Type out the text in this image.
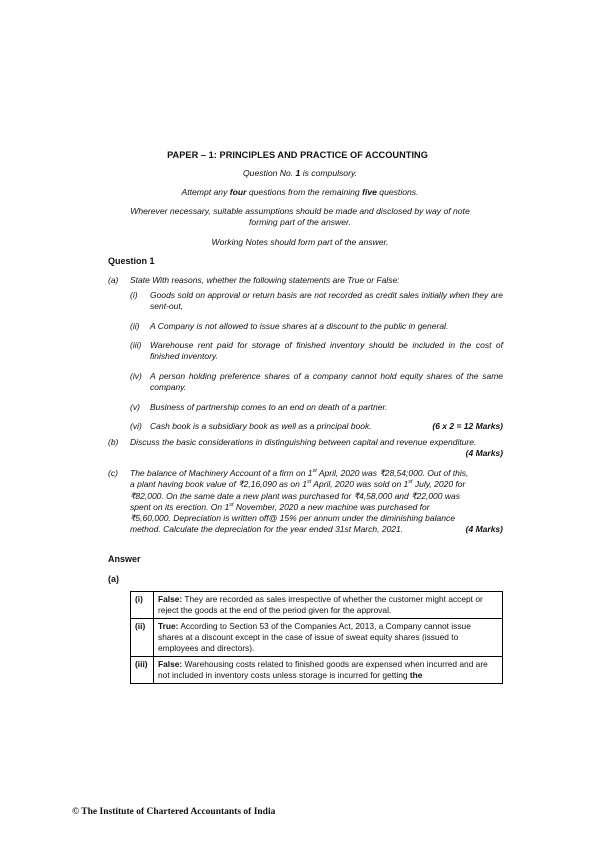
PAPER – 1: PRINCIPLES AND PRACTICE OF ACCOUNTING
Question No. 1 is compulsory.
Attempt any four questions from the remaining five questions.
Wherever necessary, suitable assumptions should be made and disclosed by way of note
forming part of the answer.
Working Notes should form part of the answer.
Question 1
(a) State With reasons, whether the following statements are True or False:
(i) Goods sold on approval or return basis are not recorded as credit sales initially when they are sent-out,
(ii) A Company is not allowed to issue shares at a discount to the public in general.
(iii) Warehouse rent paid for storage of finished inventory should be included in the cost of finished inventory.
(iv) A person holding preference shares of a company cannot hold equity shares of the same company.
(v) Business of partnership comes to an end on death of a partner.
(vi) Cash book is a subsidiary book as well as a principal book.	(6 x 2 = 12 Marks)
(b) Discuss the basic considerations in distinguishing between capital and revenue expenditure.
(4 Marks)
(c) The balance of Machinery Account of a firm on 1st April, 2020 was ₹28,54;000. Out of this,
a plant having book value of ₹2,16,090 as on 1st April, 2020 was sold on 1st July, 2020 for
₹82,000. On the same date a new plant was purchased for ₹4,58,000 and ₹22,000 was
spent on its erection. On 1st November, 2020 a new machine was purchased for
₹5,60,000. Depreciation is written off@ 15% per annum under the diminishing balance
method. Calculate the depreciation for the year ended 31st March, 2021.	(4 Marks)
Answer
(a)
(i)	False: They are recorded as sales irrespective of whether the customer might accept or reject the goods at the end of the period given for the approval.
(ii)	True: According to Section 53 of the Companies Act, 2013, a Company cannot issue shares at a discount except in the case of issue of sweat equity shares (issued to employees and directors).
(iii)	False: Warehousing costs related to finished goods are expensed when incurred and are not included in inventory costs unless storage is incurred for getting the
© The Institute of Chartered Accountants of India
